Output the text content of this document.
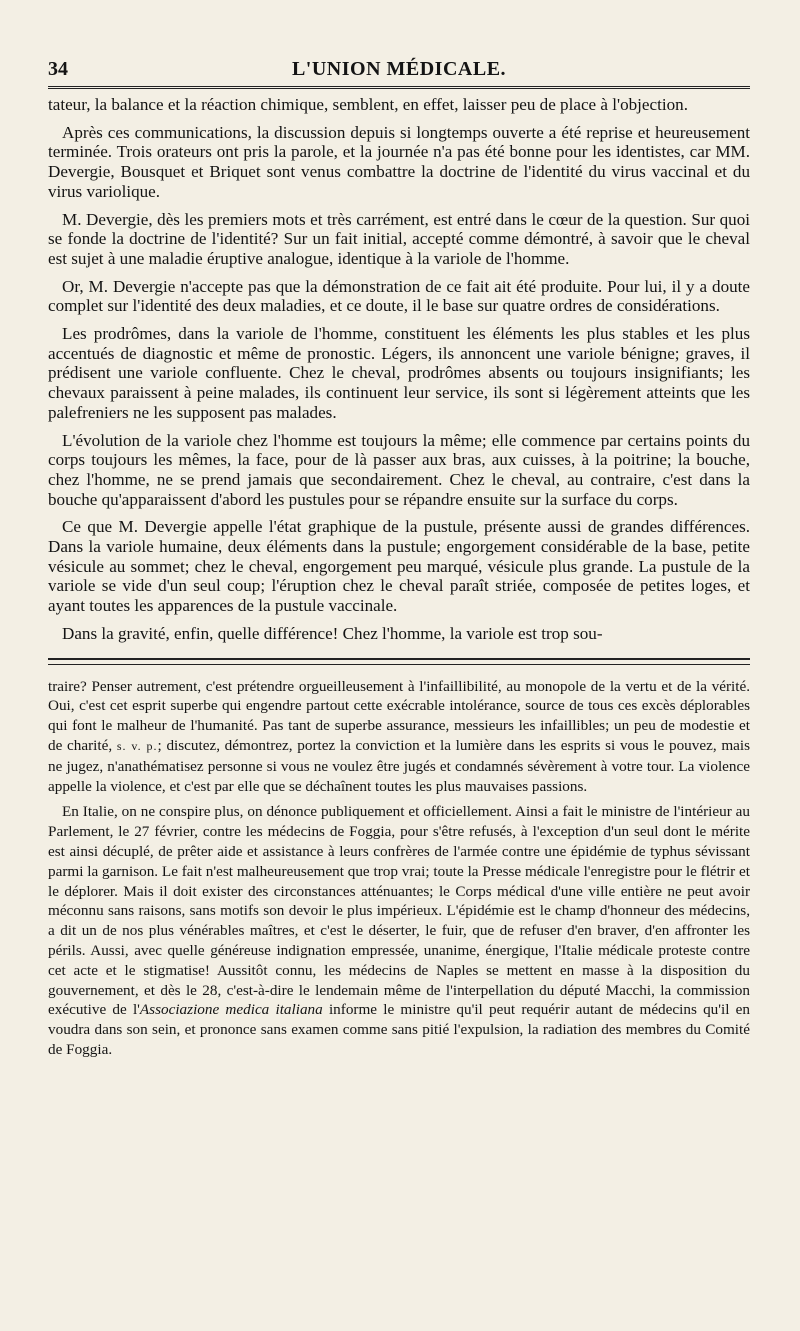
34	L'UNION MÉDICALE.

tateur, la balance et la réaction chimique, semblent, en effet, laisser peu de place à l'objection.

Après ces communications, la discussion depuis si longtemps ouverte a été reprise et heureusement terminée. Trois orateurs ont pris la parole, et la journée n'a pas été bonne pour les identistes, car MM. Devergie, Bousquet et Briquet sont venus combattre la doctrine de l'identité du virus vaccinal et du virus variolique.

M. Devergie, dès les premiers mots et très carrément, est entré dans le cœur de la question. Sur quoi se fonde la doctrine de l'identité? Sur un fait initial, accepté comme démontré, à savoir que le cheval est sujet à une maladie éruptive analogue, identique à la variole de l'homme.

Or, M. Devergie n'accepte pas que la démonstration de ce fait ait été produite. Pour lui, il y a doute complet sur l'identité des deux maladies, et ce doute, il le base sur quatre ordres de considérations.

Les prodrômes, dans la variole de l'homme, constituent les éléments les plus stables et les plus accentués de diagnostic et même de pronostic. Légers, ils annoncent une variole bénigne; graves, il prédisent une variole confluente. Chez le cheval, prodrômes absents ou toujours insignifiants; les chevaux paraissent à peine malades, ils continuent leur service, ils sont si légèrement atteints que les palefreniers ne les supposent pas malades.

L'évolution de la variole chez l'homme est toujours la même; elle commence par certains points du corps toujours les mêmes, la face, pour de là passer aux bras, aux cuisses, à la poitrine; la bouche, chez l'homme, ne se prend jamais que secondairement. Chez le cheval, au contraire, c'est dans la bouche qu'apparaissent d'abord les pustules pour se répandre ensuite sur la surface du corps.

Ce que M. Devergie appelle l'état graphique de la pustule, présente aussi de grandes différences. Dans la variole humaine, deux éléments dans la pustule; engorgement considérable de la base, petite vésicule au sommet; chez le cheval, engorgement peu marqué, vésicule plus grande. La pustule de la variole se vide d'un seul coup; l'éruption chez le cheval paraît striée, composée de petites loges, et ayant toutes les apparences de la pustule vaccinale.

Dans la gravité, enfin, quelle différence! Chez l'homme, la variole est trop sou-

traire? Penser autrement, c'est prétendre orgueilleusement à l'infaillibilité, au monopole de la vertu et de la vérité. Oui, c'est cet esprit superbe qui engendre partout cette exécrable intolérance, source de tous ces excès déplorables qui font le malheur de l'humanité. Pas tant de superbe assurance, messieurs les infaillibles; un peu de modestie et de charité, s. v. p.; discutez, démontrez, portez la conviction et la lumière dans les esprits si vous le pouvez, mais ne jugez, n'anathématisez personne si vous ne voulez être jugés et condamnés sévèrement à votre tour. La violence appelle la violence, et c'est par elle que se déchaînent toutes les plus mauvaises passions.

En Italie, on ne conspire plus, on dénonce publiquement et officiellement. Ainsi a fait le ministre de l'intérieur au Parlement, le 27 février, contre les médecins de Foggia, pour s'être refusés, à l'exception d'un seul dont le mérite est ainsi décuplé, de prêter aide et assistance à leurs confrères de l'armée contre une épidémie de typhus sévissant parmi la garnison. Le fait n'est malheureusement que trop vrai; toute la Presse médicale l'enregistre pour le flétrir et le déplorer. Mais il doit exister des circonstances atténuantes; le Corps médical d'une ville entière ne peut avoir méconnu sans raisons, sans motifs son devoir le plus impérieux. L'épidémie est le champ d'honneur des médecins, a dit un de nos plus vénérables maîtres, et c'est le déserter, le fuir, que de refuser d'en braver, d'en affronter les périls. Aussi, avec quelle généreuse indignation empressée, unanime, énergique, l'Italie médicale proteste contre cet acte et le stigmatise! Aussitôt connu, les médecins de Naples se mettent en masse à la disposition du gouvernement, et dès le 28, c'est-à-dire le lendemain même de l'interpellation du député Macchi, la commission exécutive de l'Associazione medica italiana informe le ministre qu'il peut requérir autant de médecins qu'il en voudra dans son sein, et prononce sans examen comme sans pitié l'expulsion, la radiation des membres du Comité de Foggia.
